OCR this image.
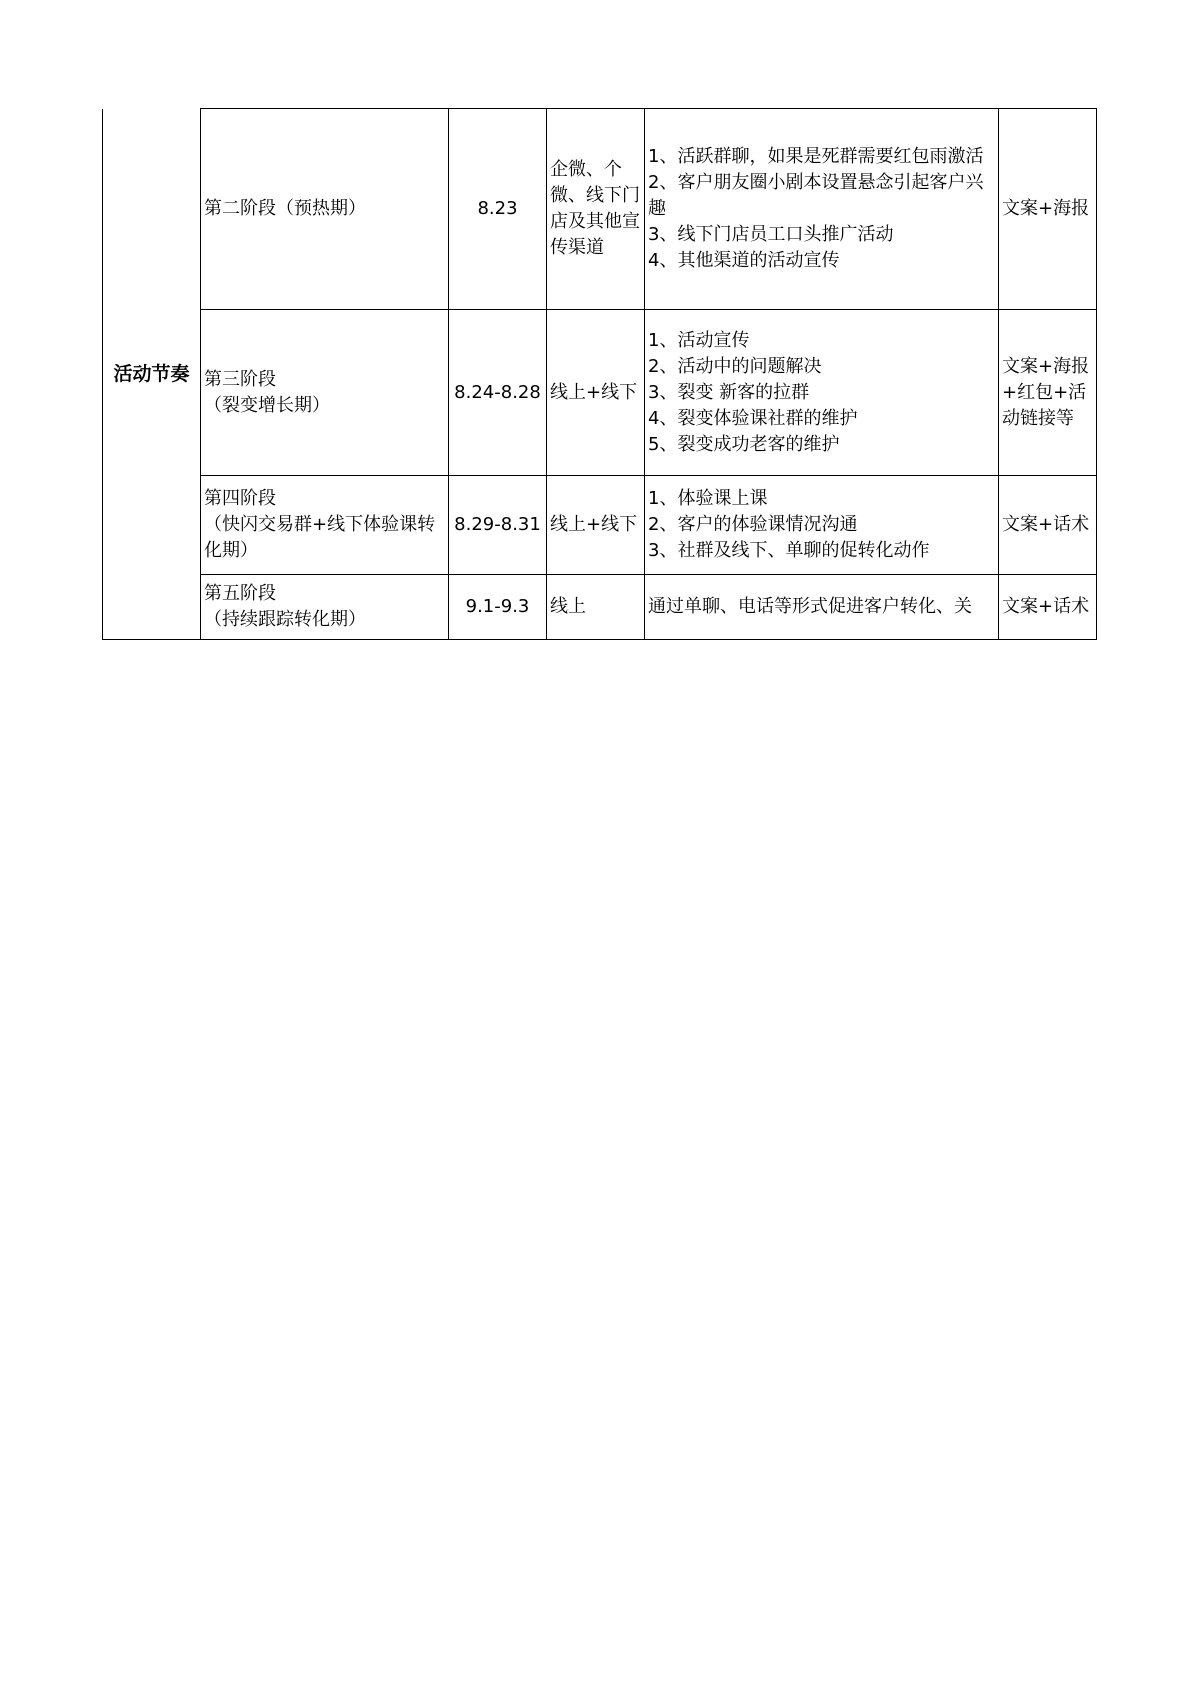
活动节奏	第二阶段（预热期）	8.23	企微、个微、线下门店及其他宣传渠道	1、活跃群聊，如果是死群需要红包雨激活
2、客户朋友圈小剧本设置悬念引起客户兴趣
3、线下门店员工口头推广活动
4、其他渠道的活动宣传	文案+海报

	第三阶段
（裂变增长期）	8.24-8.28	线上+线下	1、活动宣传
2、活动中的问题解决
3、裂变 新客的拉群
4、裂变体验课社群的维护
5、裂变成功老客的维护	文案+海报+红包+活动链接等

	第四阶段
（快闪交易群+线下体验课转化期）	8.29-8.31	线上+线下	1、体验课上课
2、客户的体验课情况沟通
3、社群及线下、单聊的促转化动作	文案+话术

	第五阶段
（持续跟踪转化期）	9.1-9.3	线上	通过单聊、电话等形式促进客户转化、关	文案+话术
